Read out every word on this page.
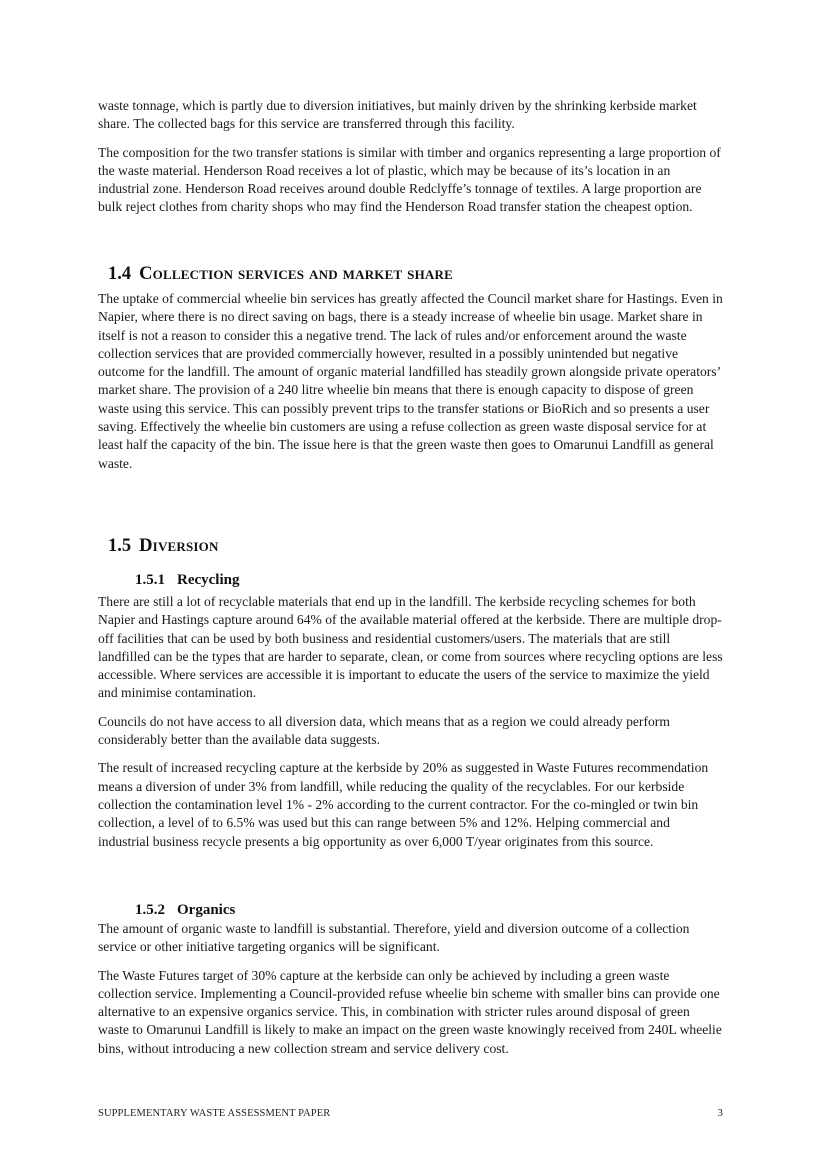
waste tonnage, which is partly due to diversion initiatives, but mainly driven by the shrinking kerbside market share. The collected bags for this service are transferred through this facility.

The composition for the two transfer stations is similar with timber and organics representing a large proportion of the waste material. Henderson Road receives a lot of plastic, which may be because of its’s location in an industrial zone. Henderson Road receives around double Redclyffe’s tonnage of textiles. A large proportion are bulk reject clothes from charity shops who may find the Henderson Road transfer station the cheapest option.

1.4 Collection services and market share

The uptake of commercial wheelie bin services has greatly affected the Council market share for Hastings. Even in Napier, where there is no direct saving on bags, there is a steady increase of wheelie bin usage. Market share in itself is not a reason to consider this a negative trend. The lack of rules and/or enforcement around the waste collection services that are provided commercially however, resulted in a possibly unintended but negative outcome for the landfill. The amount of organic material landfilled has steadily grown alongside private operators’ market share. The provision of a 240 litre wheelie bin means that there is enough capacity to dispose of green waste using this service. This can possibly prevent trips to the transfer stations or BioRich and so presents a user saving. Effectively the wheelie bin customers are using a refuse collection as green waste disposal service for at least half the capacity of the bin. The issue here is that the green waste then goes to Omarunui Landfill as general waste.

1.5 Diversion
1.5.1 Recycling

There are still a lot of recyclable materials that end up in the landfill. The kerbside recycling schemes for both Napier and Hastings capture around 64% of the available material offered at the kerbside. There are multiple drop-off facilities that can be used by both business and residential customers/users. The materials that are still landfilled can be the types that are harder to separate, clean, or come from sources where recycling options are less accessible. Where services are accessible it is important to educate the users of the service to maximize the yield and minimise contamination.

Councils do not have access to all diversion data, which means that as a region we could already perform considerably better than the available data suggests.

The result of increased recycling capture at the kerbside by 20% as suggested in Waste Futures recommendation means a diversion of under 3% from landfill, while reducing the quality of the recyclables. For our kerbside collection the contamination level 1% - 2% according to the current contractor. For the co-mingled or twin bin collection, a level of to 6.5% was used but this can range between 5% and 12%. Helping commercial and industrial business recycle presents a big opportunity as over 6,000 T/year originates from this source.

1.5.2 Organics

The amount of organic waste to landfill is substantial. Therefore, yield and diversion outcome of a collection service or other initiative targeting organics will be significant.

The Waste Futures target of 30% capture at the kerbside can only be achieved by including a green waste collection service. Implementing a Council-provided refuse wheelie bin scheme with smaller bins can provide one alternative to an expensive organics service. This, in combination with stricter rules around disposal of green waste to Omarunui Landfill is likely to make an impact on the green waste knowingly received from 240L wheelie bins, without introducing a new collection stream and service delivery cost.

SUPPLEMENTARY WASTE ASSESSMENT PAPER	3
